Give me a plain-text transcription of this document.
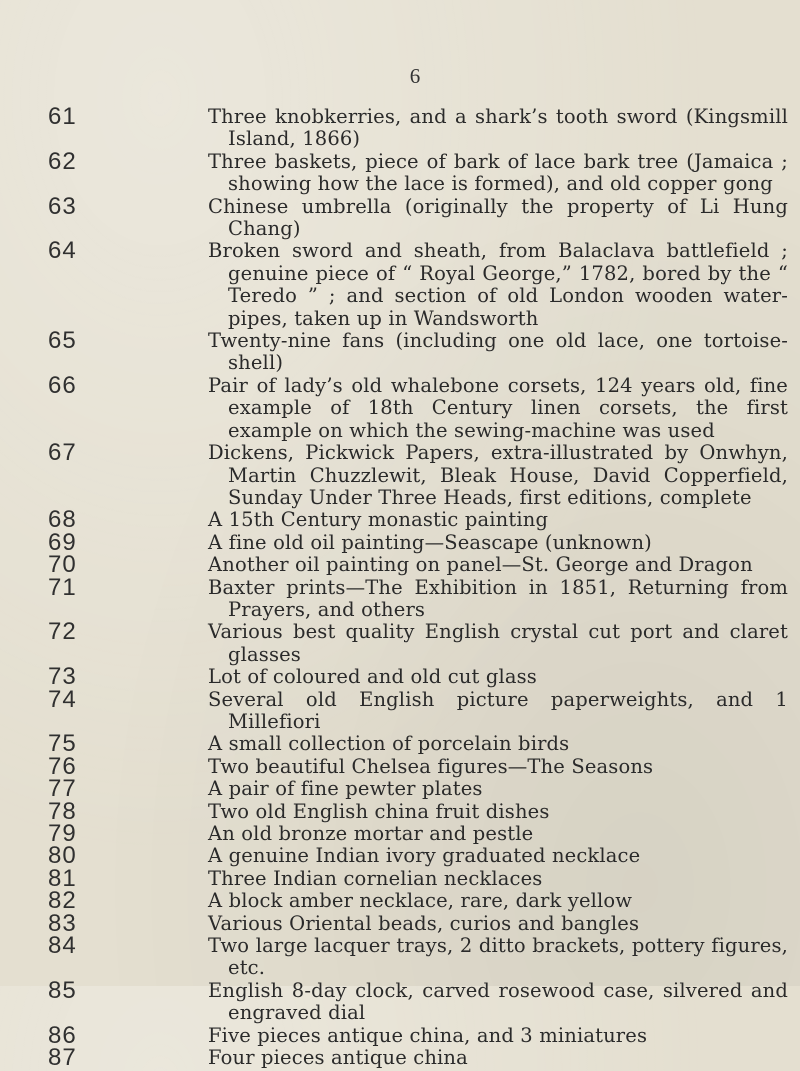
6
61	Three knobkerries, and a shark’s tooth sword (Kingsmill Island, 1866)
62	Three baskets, piece of bark of lace bark tree (Jamaica ; showing how the lace is formed), and old copper gong
63	Chinese umbrella (originally the property of Li Hung Chang)
64	Broken sword and sheath, from Balaclava battlefield ; genuine piece of “ Royal George,” 1782, bored by the “ Teredo ” ; and section of old London wooden water-pipes, taken up in Wandsworth
65	Twenty-nine fans (including one old lace, one tortoise-shell)
66	Pair of lady’s old whalebone corsets, 124 years old, fine example of 18th Century linen corsets, the first example on which the sewing-machine was used
67	Dickens, Pickwick Papers, extra-illustrated by Onwhyn, Martin Chuzzlewit, Bleak House, David Copperfield, Sunday Under Three Heads, first editions, complete
68	A 15th Century monastic painting
69	A fine old oil painting—Seascape (unknown)
70	Another oil painting on panel—St. George and Dragon
71	Baxter prints—The Exhibition in 1851, Returning from Prayers, and others
72	Various best quality English crystal cut port and claret glasses
73	Lot of coloured and old cut glass
74	Several old English picture paperweights, and 1 Millefiori
75	A small collection of porcelain birds
76	Two beautiful Chelsea figures—The Seasons
77	A pair of fine pewter plates
78	Two old English china fruit dishes
79	An old bronze mortar and pestle
80	A genuine Indian ivory graduated necklace
81	Three Indian cornelian necklaces
82	A block amber necklace, rare, dark yellow
83	Various Oriental beads, curios and bangles
84	Two large lacquer trays, 2 ditto brackets, pottery figures, etc.
85	English 8-day clock, carved rosewood case, silvered and engraved dial
86	Five pieces antique china, and 3 miniatures
87	Four pieces antique china
